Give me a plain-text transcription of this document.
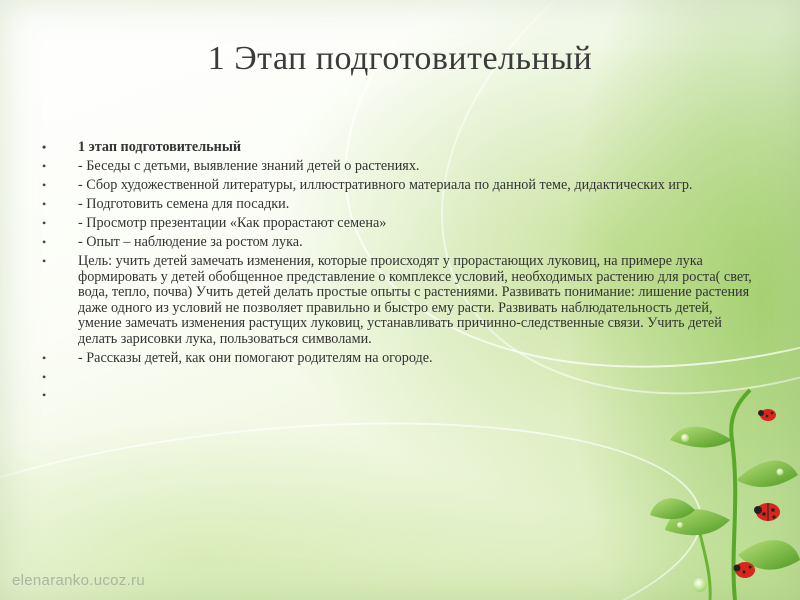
1 Этап подготовительный
• 1 этап подготовительный
• - Беседы с детьми, выявление знаний детей о растениях.
• - Сбор художественной литературы, иллюстративного материала по данной теме, дидактических игр.
• - Подготовить семена для посадки.
• - Просмотр презентации «Как прорастают семена»
• - Опыт – наблюдение за ростом лука.
• Цель: учить детей замечать изменения, которые происходят у прорастающих луковиц, на примере лука формировать у детей обобщенное представление о комплексе условий, необходимых растению для роста( свет, вода, тепло, почва) Учить детей делать простые опыты с растениями. Развивать понимание: лишение растения даже одного из условий не позволяет правильно и быстро ему расти. Развивать наблюдательность детей, умение замечать изменения растущих луковиц, устанавливать причинно-следственные связи. Учить детей делать зарисовки лука, пользоваться символами.
• - Рассказы детей, как они помогают родителям на огороде.
•
•
elenaranko.ucoz.ru
